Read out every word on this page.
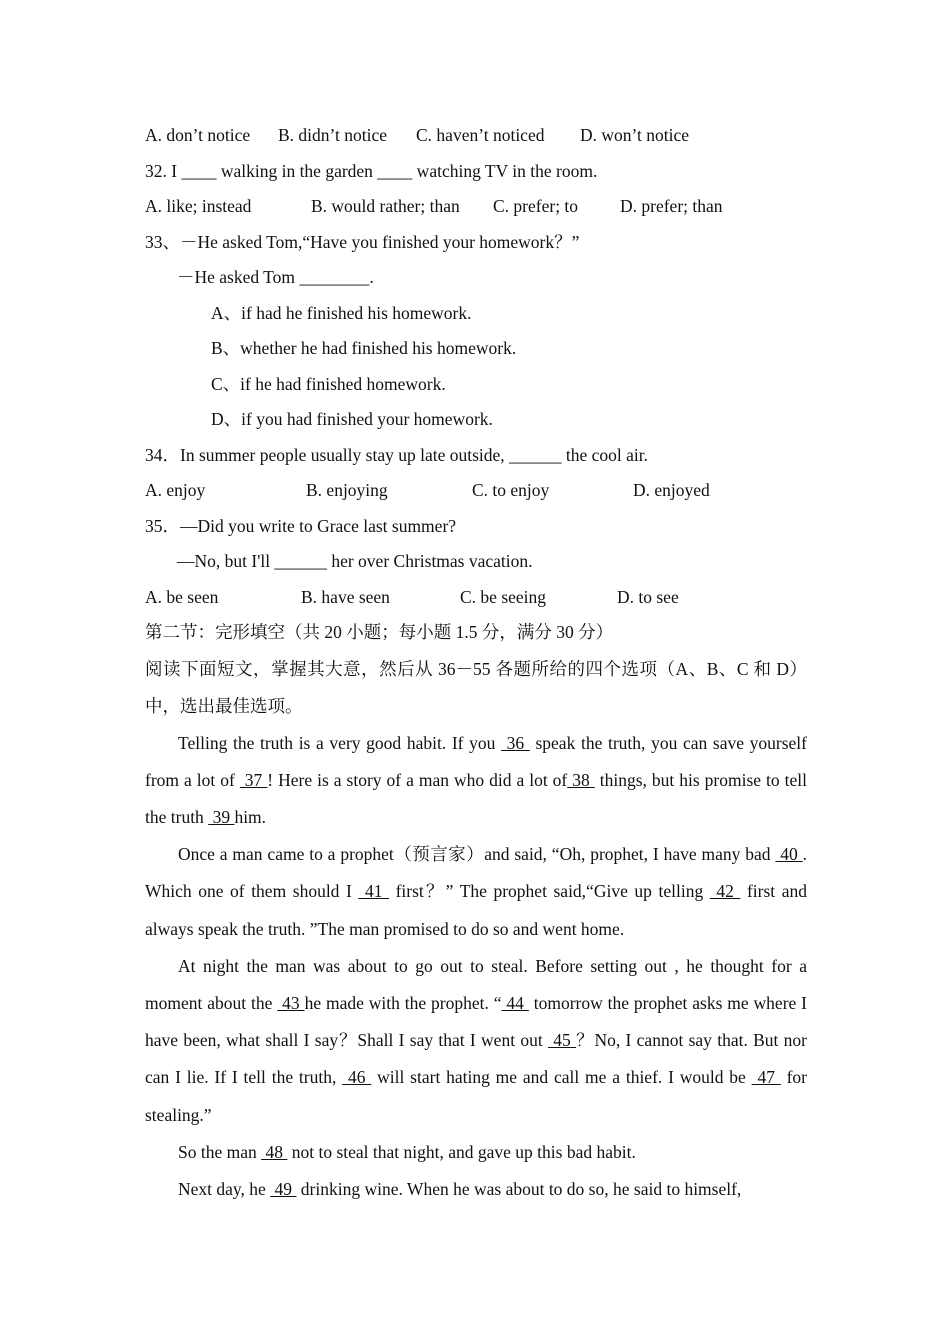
A. don’t notice B. didn’t notice C. haven’t noticed D. won’t notice
32. I ____ walking in the garden ____ watching TV in the room.
A. like; instead	B. would rather; than C. prefer; to D. prefer; than
33、－He asked Tom,“Have you finished your homework？”
－He asked Tom ________.
A、if had he finished his homework.
B、whether he had finished his homework.
C、if he had finished homework.
D、if you had finished your homework.
34．In summer people usually stay up late outside, ______ the cool air.
A. enjoy	B. enjoying	C. to enjoy	D. enjoyed
35．—Did you write to Grace last summer?
—No, but I'll ______ her over Christmas vacation.
A. be seen	B. have seen	C. be seeing	D. to see
第二节：完形填空（共 20 小题；每小题 1.5 分，满分 30 分）

阅读下面短文，掌握其大意，然后从 36－55 各题所给的四个选项（A、B、C 和 D）中，选出最佳选项。

Telling the truth is a very good habit. If you  36  speak the truth, you can save yourself from a lot of  37 ! Here is a story of a man who did a lot of 38  things, but his promise to tell the truth  39 him.

Once a man came to a prophet（预言家）and said, “Oh, prophet, I have many bad  40 . Which one of them should I  41  first？” The prophet said,“Give up telling  42  first and always speak the truth. ”The man promised to do so and went home.

At night the man was about to go out to steal. Before setting out , he thought for a moment about the  43 he made with the prophet. “ 44  tomorrow the prophet asks me where I have been, what shall I say？Shall I say that I went out  45 ？No, I cannot say that. But nor can I lie. If I tell the truth,  46  will start hating me and call me a thief. I would be  47  for stealing.”

So the man  48  not to steal that night, and gave up this bad habit.

Next day, he  49  drinking wine. When he was about to do so, he said to himself,
